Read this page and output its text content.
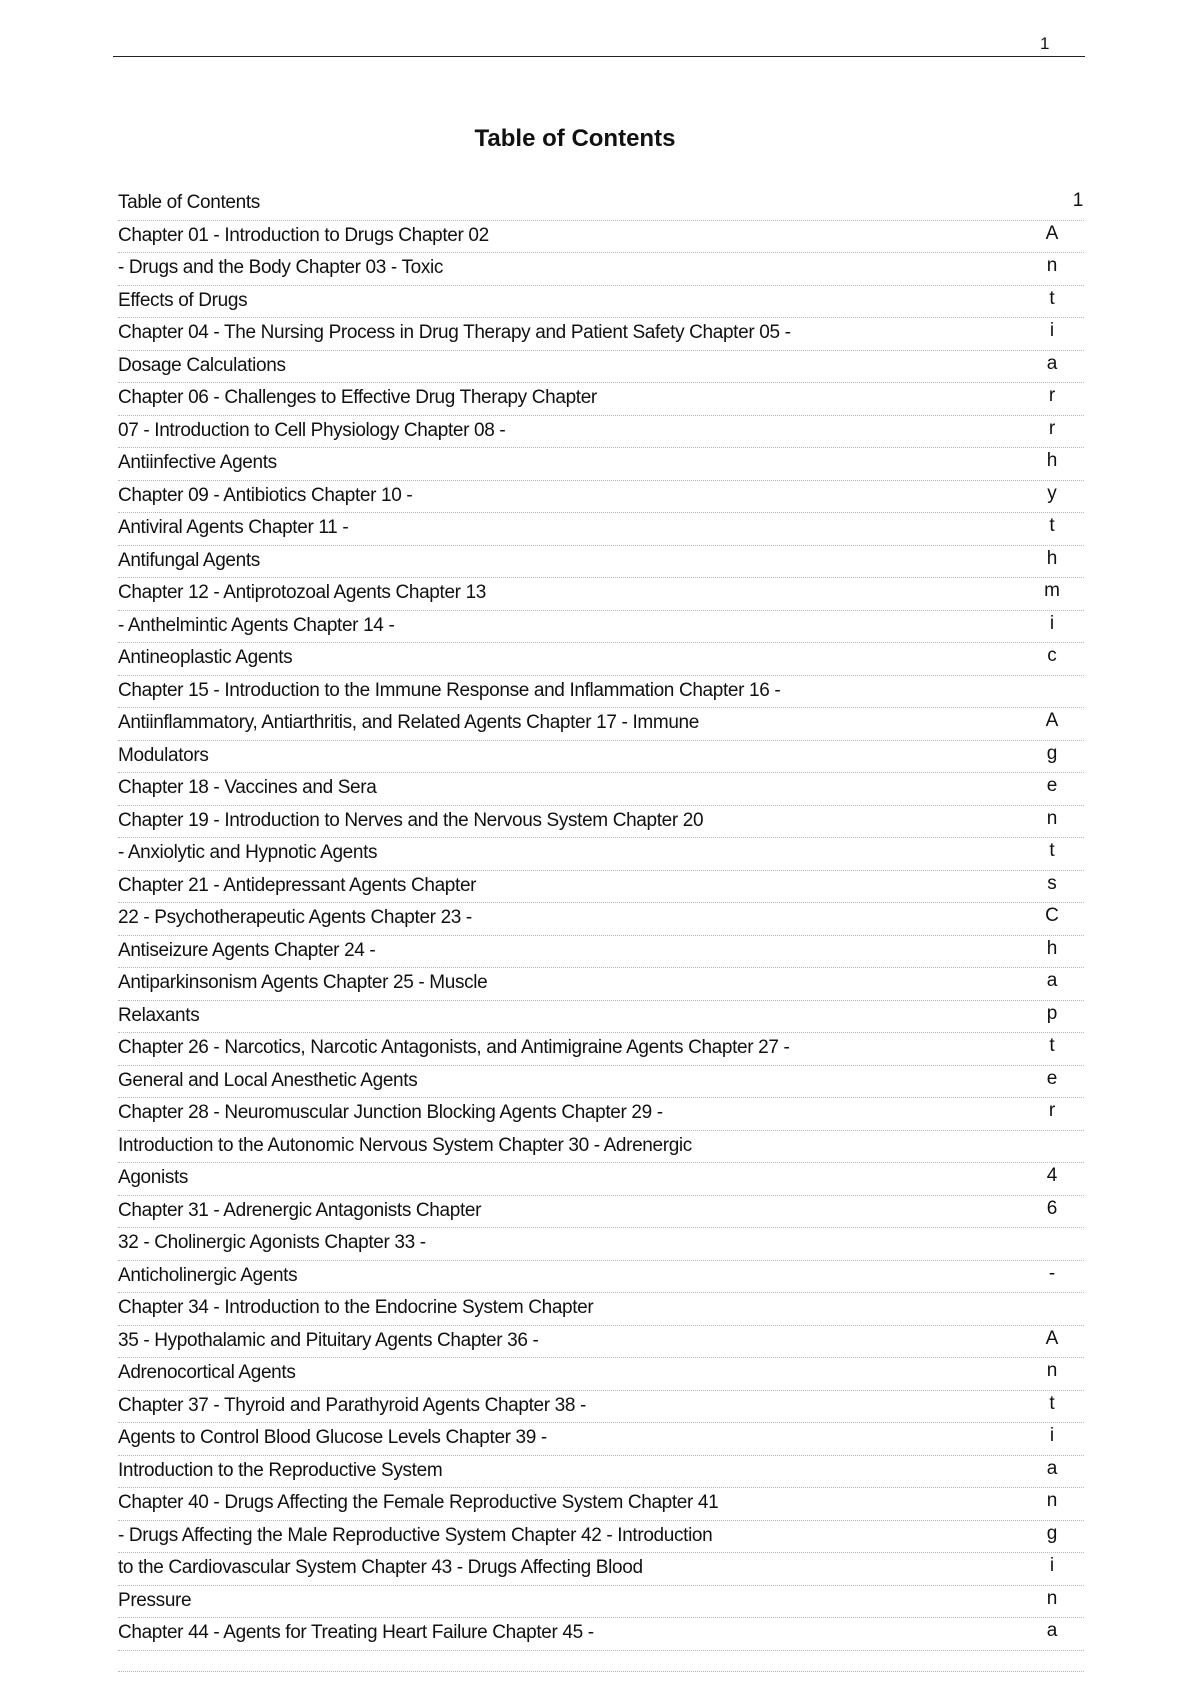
1
Table of Contents
Table of Contents	1
Chapter 01 - Introduction to Drugs Chapter 02	A
- Drugs and the Body Chapter 03 - Toxic	n
Effects of Drugs	t
Chapter 04 - The Nursing Process in Drug Therapy and Patient Safety Chapter 05 -	i
Dosage Calculations	a
Chapter 06 - Challenges to Effective Drug Therapy Chapter	r
07 - Introduction to Cell Physiology Chapter 08 -	r
Antiinfective Agents	h
Chapter 09 - Antibiotics Chapter 10 -	y
Antiviral Agents Chapter 11 -	t
Antifungal Agents	h
Chapter 12 - Antiprotozoal Agents Chapter 13	m
- Anthelmintic Agents Chapter 14 -	i
Antineoplastic Agents	c
Chapter 15 - Introduction to the Immune Response and Inflammation Chapter 16 -
Antiinflammatory, Antiarthritis, and Related Agents Chapter 17 - Immune	A
Modulators	g
Chapter 18 - Vaccines and Sera	e
Chapter 19 - Introduction to Nerves and the Nervous System Chapter 20	n
- Anxiolytic and Hypnotic Agents	t
Chapter 21 - Antidepressant Agents Chapter	s
22 - Psychotherapeutic Agents Chapter 23 -	C
Antiseizure Agents Chapter 24 -	h
Antiparkinsonism Agents Chapter 25 - Muscle	a
Relaxants	p
Chapter 26 - Narcotics, Narcotic Antagonists, and Antimigraine Agents Chapter 27 -	t
General and Local Anesthetic Agents	e
Chapter 28 - Neuromuscular Junction Blocking Agents Chapter 29 -	r
Introduction to the Autonomic Nervous System Chapter 30 - Adrenergic
Agonists	4
Chapter 31 - Adrenergic Antagonists Chapter	6
32 - Cholinergic Agonists Chapter 33 -
Anticholinergic Agents	-
Chapter 34 - Introduction to the Endocrine System Chapter
35 - Hypothalamic and Pituitary Agents Chapter 36 -	A
Adrenocortical Agents	n
Chapter 37 - Thyroid and Parathyroid Agents Chapter 38 -	t
Agents to Control Blood Glucose Levels Chapter 39 -	i
Introduction to the Reproductive System	a
Chapter 40 - Drugs Affecting the Female Reproductive System Chapter 41	n
- Drugs Affecting the Male Reproductive System Chapter 42 - Introduction	g
to the Cardiovascular System Chapter 43 - Drugs Affecting Blood	i
Pressure	n
Chapter 44 - Agents for Treating Heart Failure Chapter 45 -	a
